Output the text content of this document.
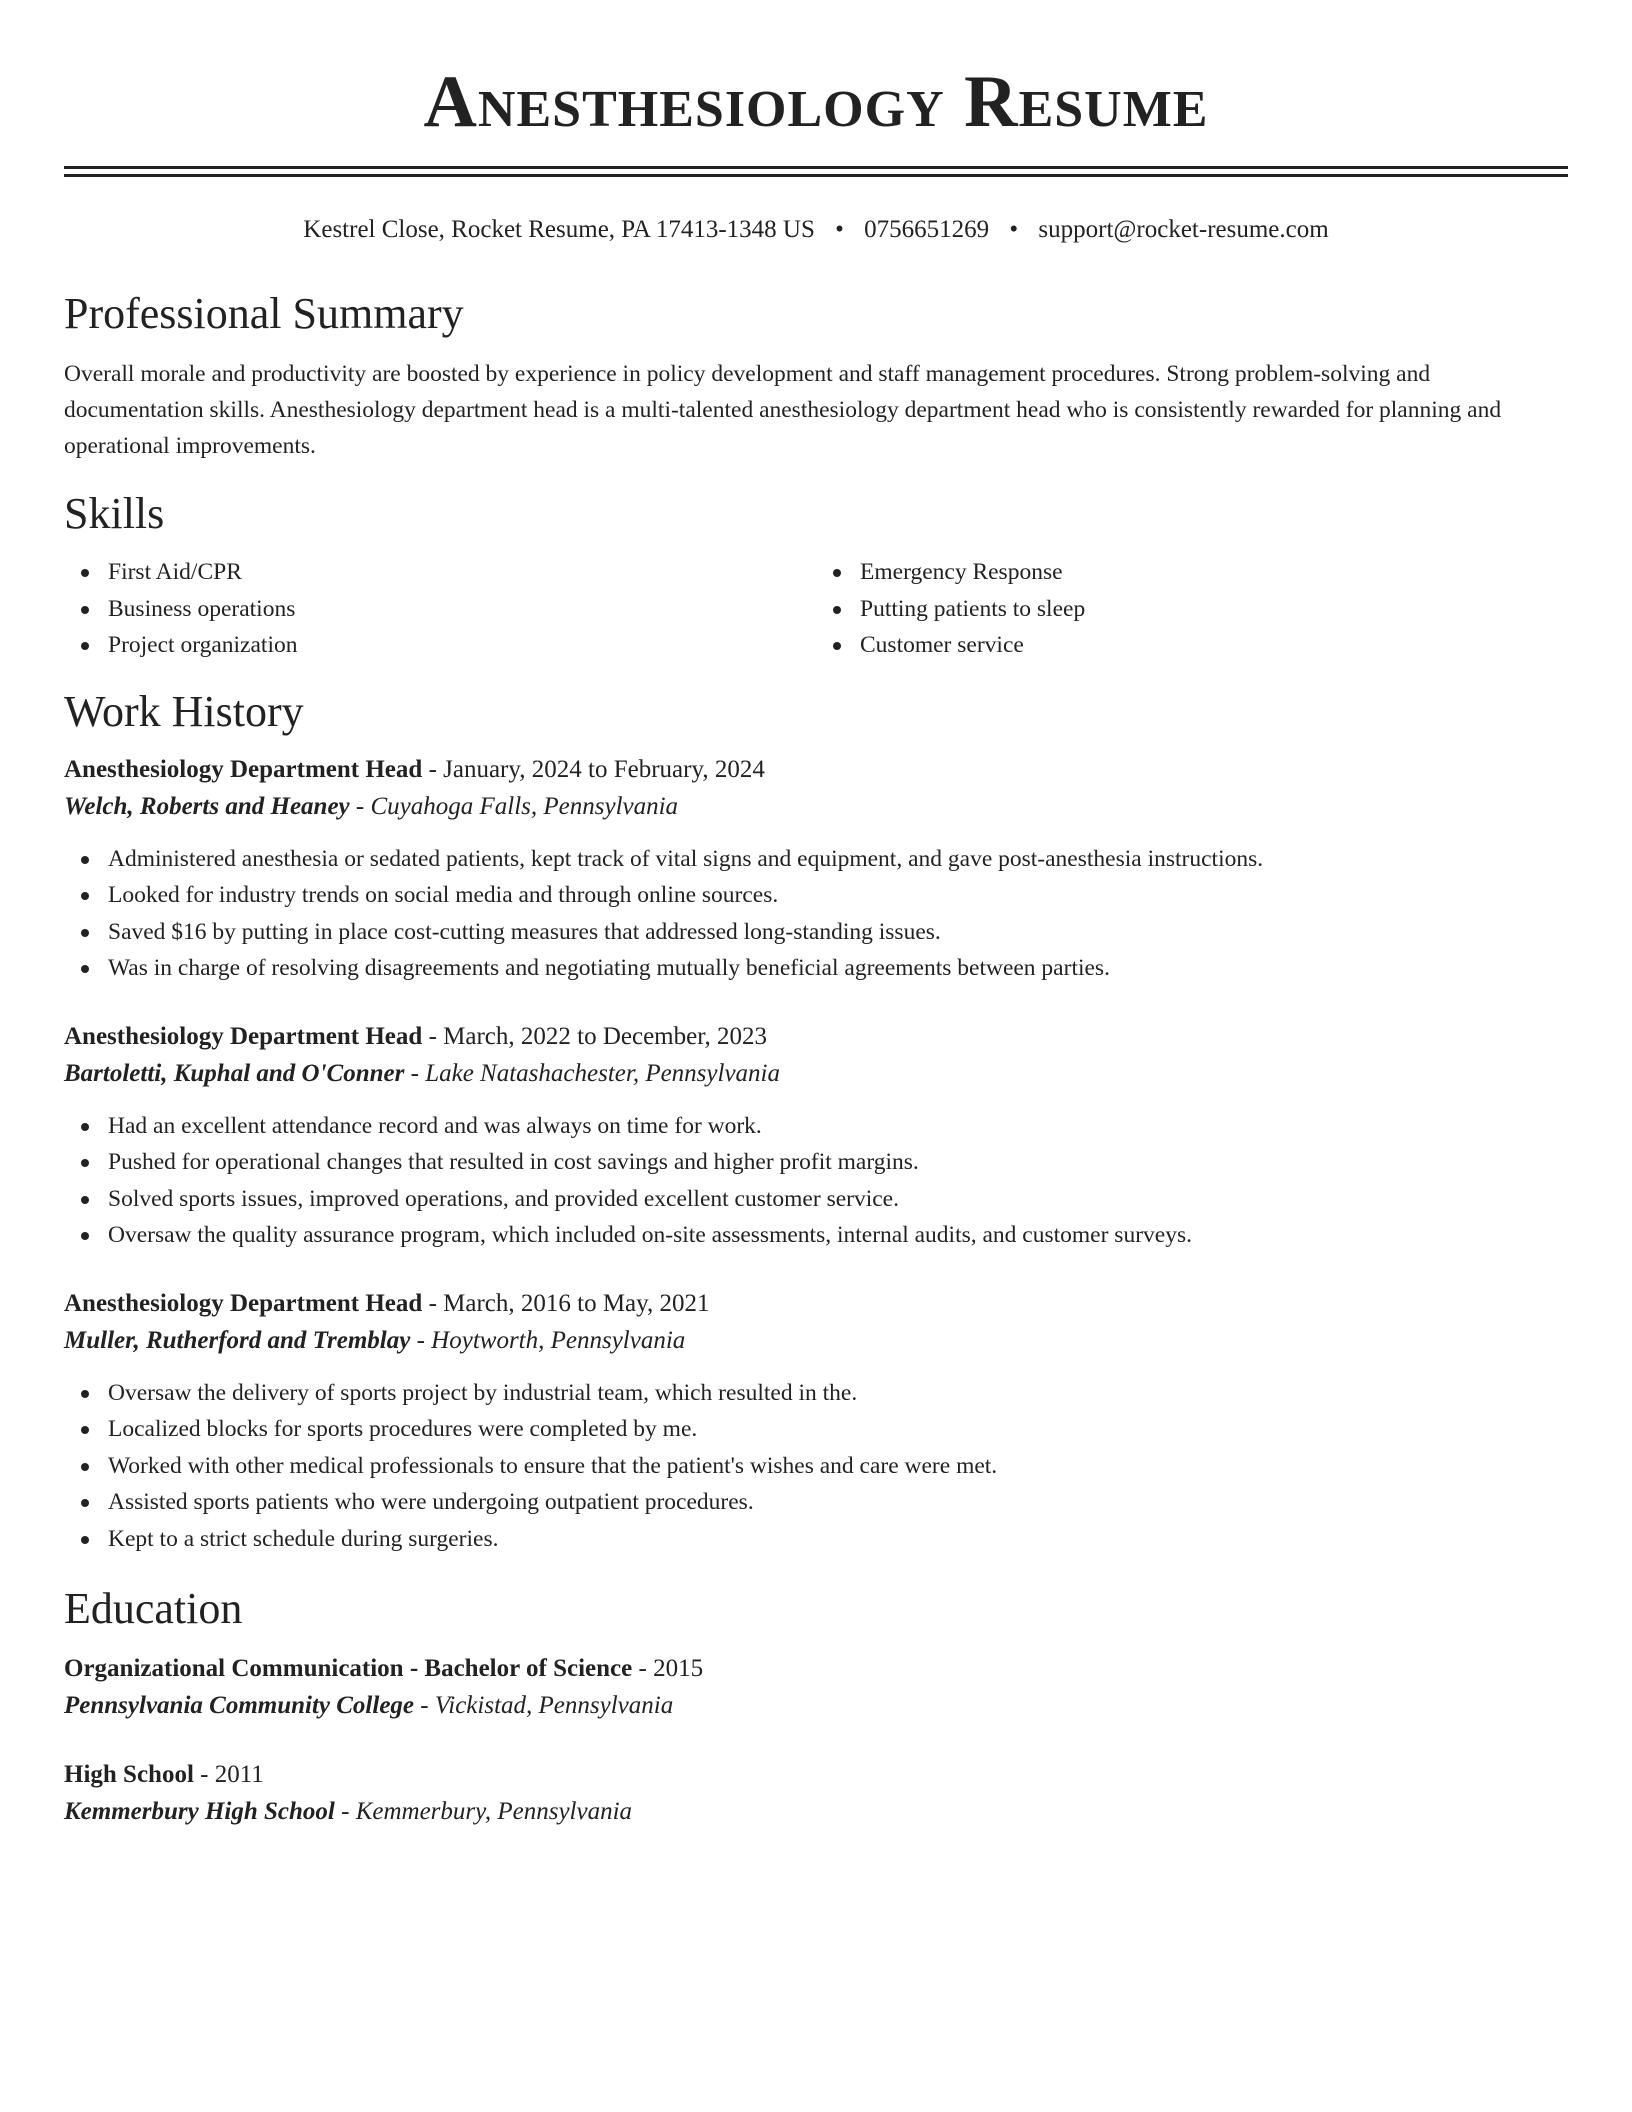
Anesthesiology Resume
Kestrel Close, Rocket Resume, PA 17413-1348 US • 0756651269 • support@rocket-resume.com
Professional Summary
Overall morale and productivity are boosted by experience in policy development and staff management procedures. Strong problem-solving and documentation skills. Anesthesiology department head is a multi-talented anesthesiology department head who is consistently rewarded for planning and operational improvements.
Skills
First Aid/CPR
Business operations
Project organization
Emergency Response
Putting patients to sleep
Customer service
Work History
Anesthesiology Department Head - January, 2024 to February, 2024
Welch, Roberts and Heaney - Cuyahoga Falls, Pennsylvania
Administered anesthesia or sedated patients, kept track of vital signs and equipment, and gave post-anesthesia instructions.
Looked for industry trends on social media and through online sources.
Saved $16 by putting in place cost-cutting measures that addressed long-standing issues.
Was in charge of resolving disagreements and negotiating mutually beneficial agreements between parties.
Anesthesiology Department Head - March, 2022 to December, 2023
Bartoletti, Kuphal and O'Conner - Lake Natashachester, Pennsylvania
Had an excellent attendance record and was always on time for work.
Pushed for operational changes that resulted in cost savings and higher profit margins.
Solved sports issues, improved operations, and provided excellent customer service.
Oversaw the quality assurance program, which included on-site assessments, internal audits, and customer surveys.
Anesthesiology Department Head - March, 2016 to May, 2021
Muller, Rutherford and Tremblay - Hoytworth, Pennsylvania
Oversaw the delivery of sports project by industrial team, which resulted in the.
Localized blocks for sports procedures were completed by me.
Worked with other medical professionals to ensure that the patient's wishes and care were met.
Assisted sports patients who were undergoing outpatient procedures.
Kept to a strict schedule during surgeries.
Education
Organizational Communication - Bachelor of Science - 2015
Pennsylvania Community College - Vickistad, Pennsylvania
High School - 2011
Kemmerbury High School - Kemmerbury, Pennsylvania
